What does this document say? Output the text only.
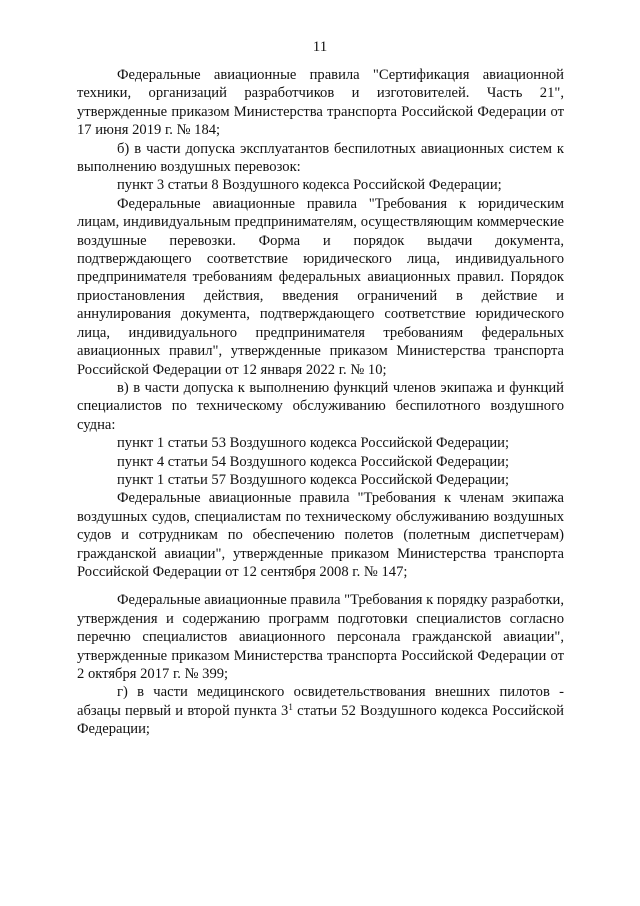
11

Федеральные авиационные правила "Сертификация авиационной техники, организаций разработчиков и изготовителей. Часть 21", утвержденные приказом Министерства транспорта Российской Федерации от 17 июня 2019 г. № 184;

б) в части допуска эксплуатантов беспилотных авиационных систем к выполнению воздушных перевозок:

пункт 3 статьи 8 Воздушного кодекса Российской Федерации;

Федеральные авиационные правила "Требования к юридическим лицам, индивидуальным предпринимателям, осуществляющим коммерческие воздушные перевозки. Форма и порядок выдачи документа, подтверждающего соответствие юридического лица, индивидуального предпринимателя требованиям федеральных авиационных правил. Порядок приостановления действия, введения ограничений в действие и аннулирования документа, подтверждающего соответствие юридического лица, индивидуального предпринимателя требованиям федеральных авиационных правил", утвержденные приказом Министерства транспорта Российской Федерации от 12 января 2022 г. № 10;

в) в части допуска к выполнению функций членов экипажа и функций специалистов по техническому обслуживанию беспилотного воздушного судна:

пункт 1 статьи 53 Воздушного кодекса Российской Федерации;

пункт 4 статьи 54 Воздушного кодекса Российской Федерации;

пункт 1 статьи 57 Воздушного кодекса Российской Федерации;

Федеральные авиационные правила "Требования к членам экипажа воздушных судов, специалистам по техническому обслуживанию воздушных судов и сотрудникам по обеспечению полетов (полетным диспетчерам) гражданской авиации", утвержденные приказом Министерства транспорта Российской Федерации от 12 сентября 2008 г. № 147;

Федеральные авиационные правила "Требования к порядку разработки, утверждения и содержанию программ подготовки специалистов согласно перечню специалистов авиационного персонала гражданской авиации", утвержденные приказом Министерства транспорта Российской Федерации от 2 октября 2017 г. № 399;

г) в части медицинского освидетельствования внешних пилотов - абзацы первый и второй пункта $3^1$ статьи 52 Воздушного кодекса Российской Федерации;
